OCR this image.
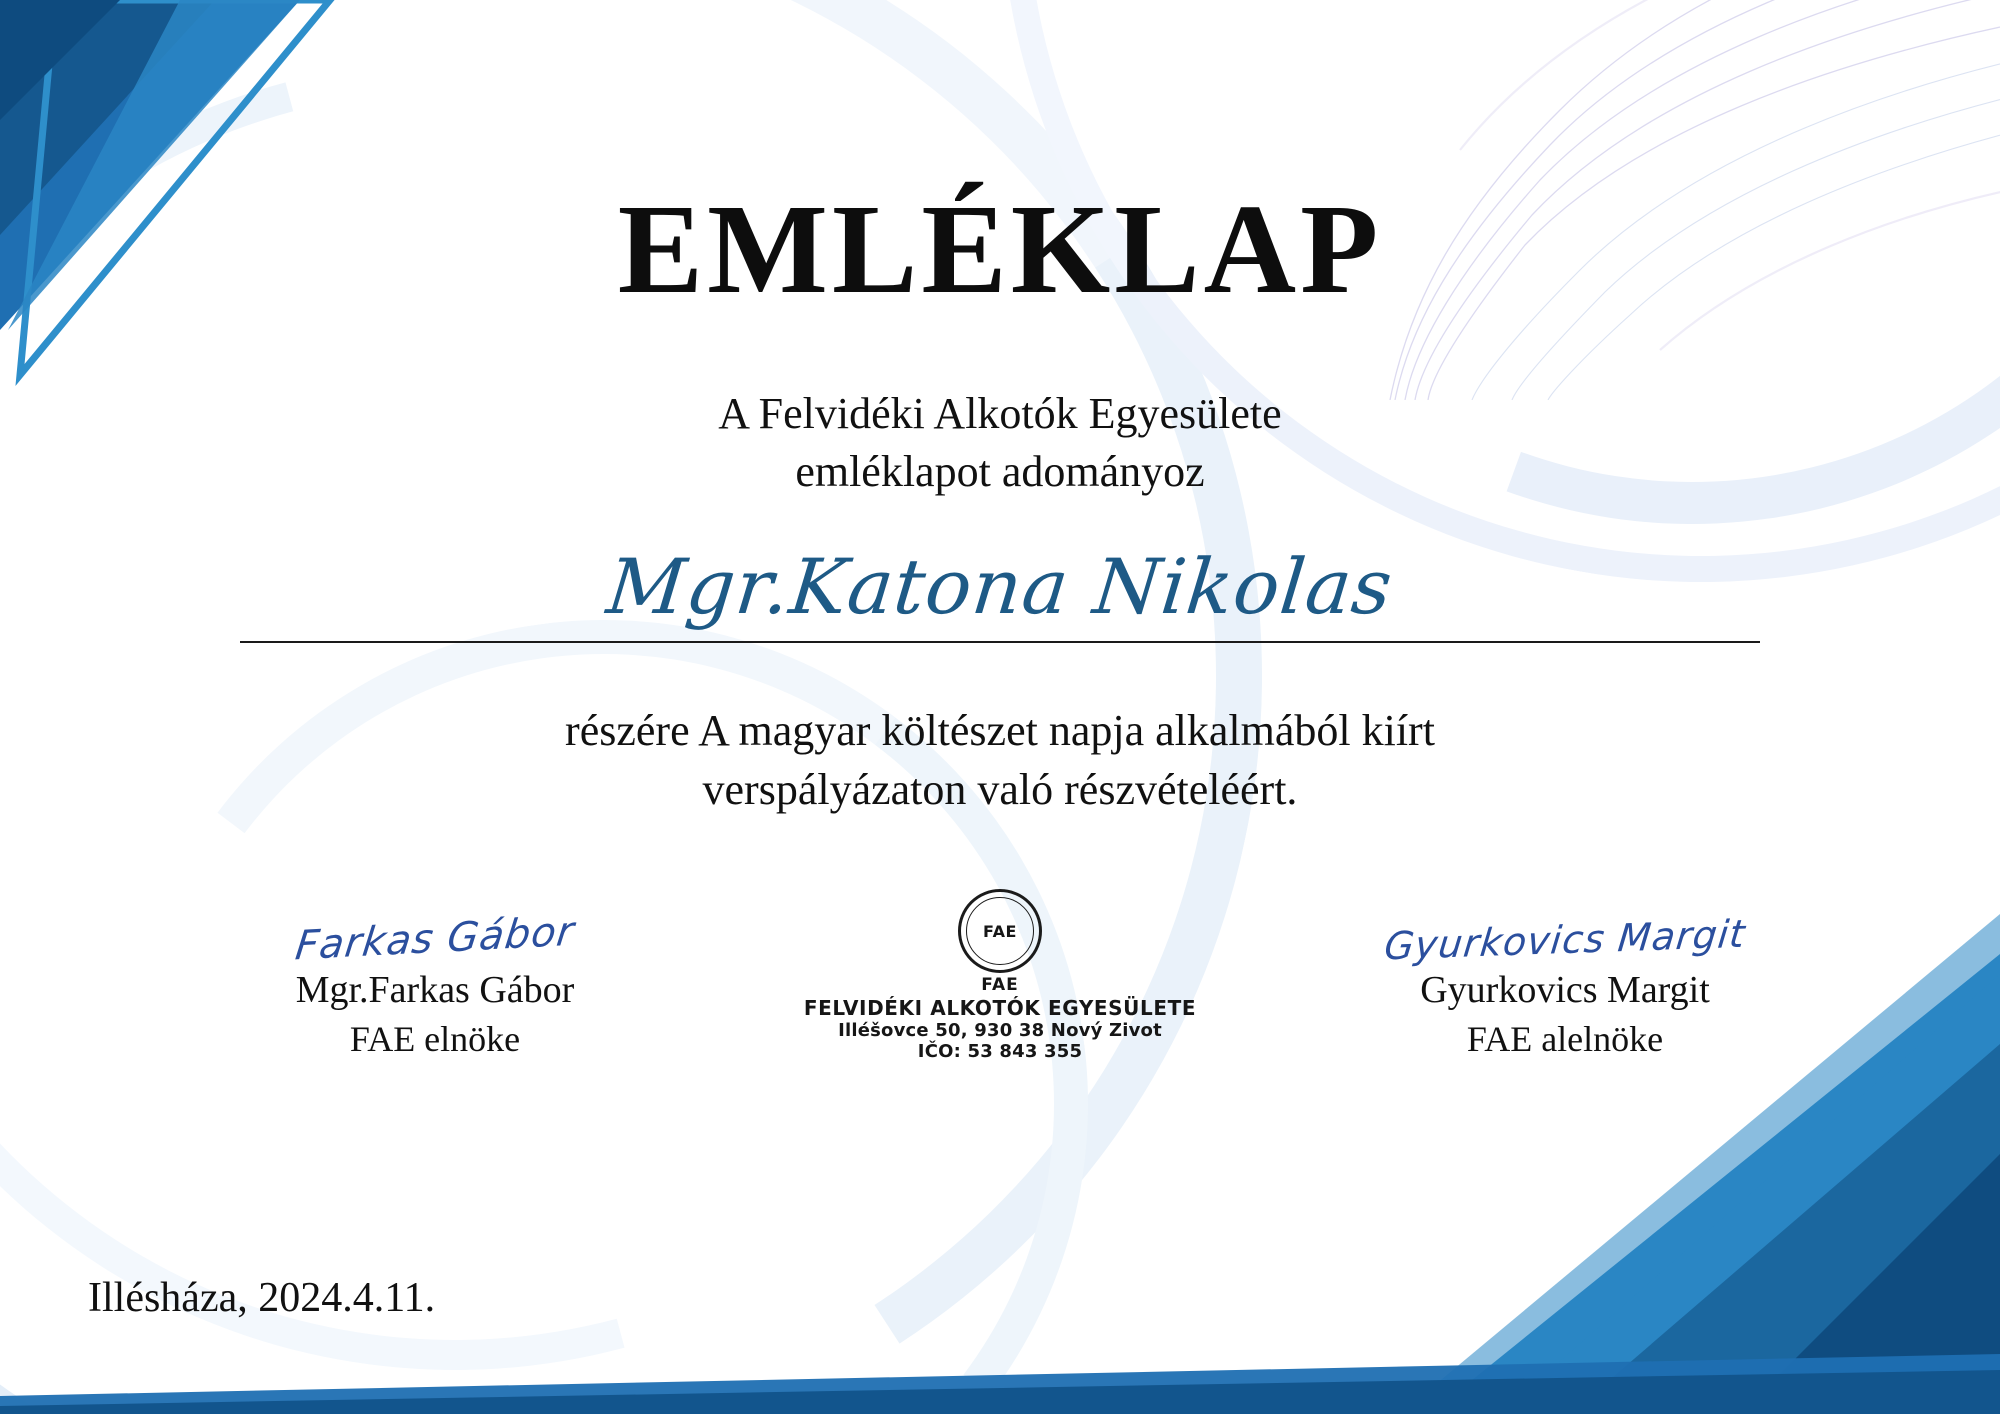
EMLÉKLAP
A Felvidéki Alkotók Egyesülete
emléklapot adományoz
Mgr.Katona Nikolas
részére A magyar költészet napja alkalmából kiírt
verspályázaton való részvételéért.
Farkas Gábor
Mgr.Farkas Gábor
FAE elnöke
FAE
FAE
FELVIDÉKI ALKOTÓK EGYESÜLETE
Illéšovce 50, 930 38 Nový Zivot
IČO: 53 843 355
Gyurkovics Margit
Gyurkovics Margit
FAE alelnöke
Illésháza, 2024.4.11.
